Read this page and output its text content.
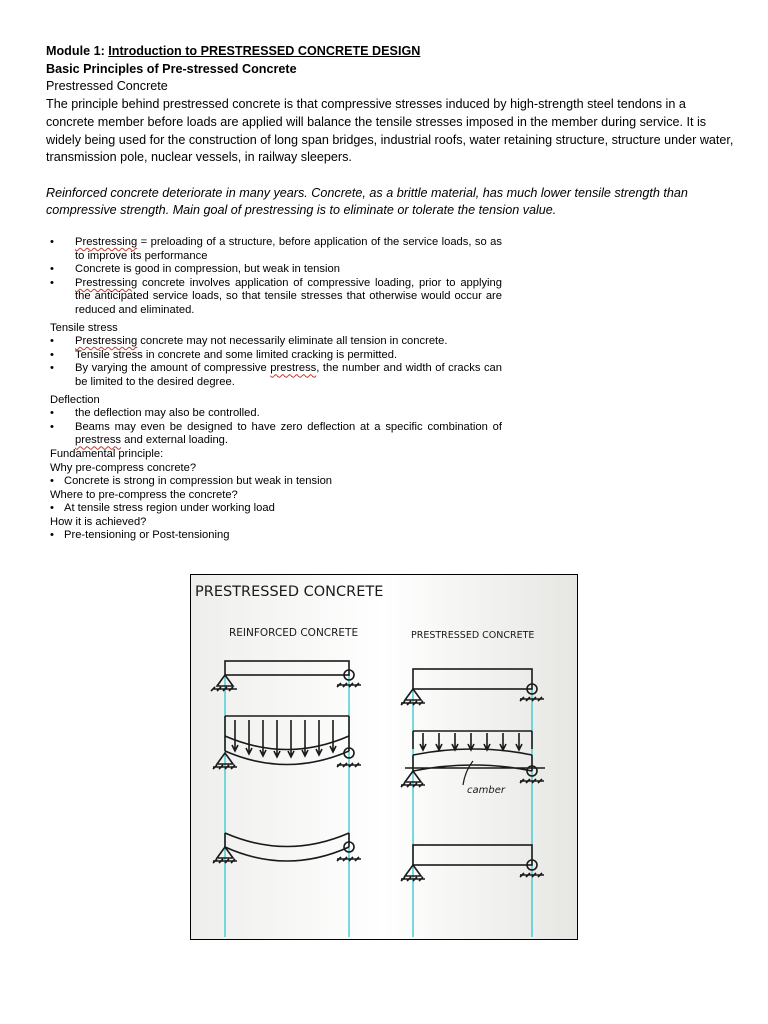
Module 1: Introduction to PRESTRESSED CONCRETE DESIGN

Basic Principles of Pre-stressed Concrete

Prestressed Concrete

The principle behind prestressed concrete is that compressive stresses induced by high-strength steel tendons in a concrete member before loads are applied will balance the tensile stresses imposed in the member during service. It is widely being used for the construction of long span bridges, industrial roofs, water retaining structure, structure under water, transmission pole, nuclear vessels, in railway sleepers.

Reinforced concrete deteriorate in many years. Concrete, as a brittle material, has much lower tensile strength than compressive strength. Main goal of prestressing is to eliminate or tolerate the tension value.

•	Prestressing = preloading of a structure, before application of the service loads, so as to improve its performance
•	Concrete is good in compression, but weak in tension
•	Prestressing concrete involves application of compressive loading, prior to applying the anticipated service loads, so that tensile stresses that otherwise would occur are reduced and eliminated.
Tensile stress
•	Prestressing concrete may not necessarily eliminate all tension in concrete.
•	Tensile stress in concrete and some limited cracking is permitted.
•	By varying the amount of compressive prestress, the number and width of cracks can be limited to the desired degree.
Deflection
•	the deflection may also be controlled.
•	Beams may even be designed to have zero deflection at a specific combination of prestress and external loading.
Fundamental principle:
Why pre-compress concrete?
• Concrete is strong in compression but weak in tension
Where to pre-compress the concrete?
• At tensile stress region under working load
How it is achieved?
• Pre-tensioning or Post-tensioning
PRESTRESSED CONCRETE
REINFORCED CONCRETE	PRESTRESSED CONCRETE
camber
